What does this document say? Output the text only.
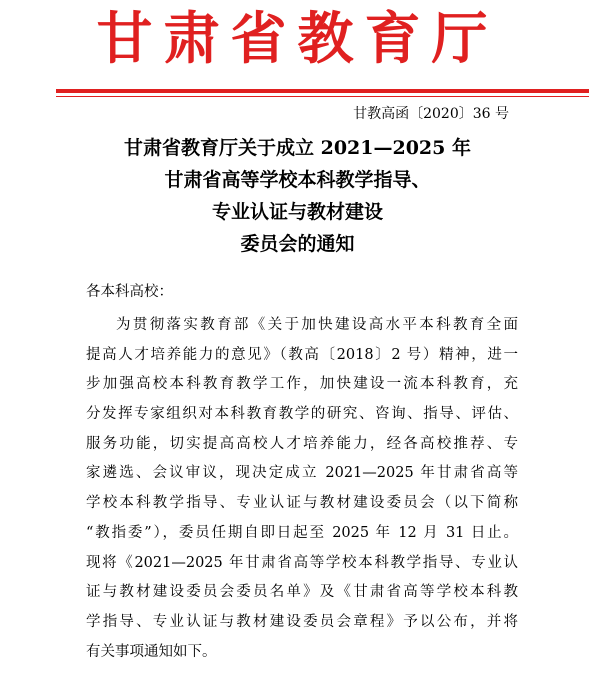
甘肃省教育厅
甘教高函〔2020〕36 号
甘肃省教育厅关于成立 2021—2025 年
甘肃省高等学校本科教学指导、
专业认证与教材建设
委员会的通知
各本科高校：
为贯彻落实教育部《关于加快建设高水平本科教育全面
提高人才培养能力的意见》（教高〔2018〕2 号）精神，进一
步加强高校本科教育教学工作，加快建设一流本科教育，充
分发挥专家组织对本科教育教学的研究、咨询、指导、评估、
服务功能，切实提高高校人才培养能力，经各高校推荐、专
家遴选、会议审议，现决定成立 2021—2025 年甘肃省高等
学校本科教学指导、专业认证与教材建设委员会（以下简称
“教指委”），委员任期自即日起至 2025 年 12 月 31 日止。
现将《2021—2025 年甘肃省高等学校本科教学指导、专业认
证与教材建设委员会委员名单》及《甘肃省高等学校本科教
学指导、专业认证与教材建设委员会章程》予以公布，并将
有关事项通知如下。
